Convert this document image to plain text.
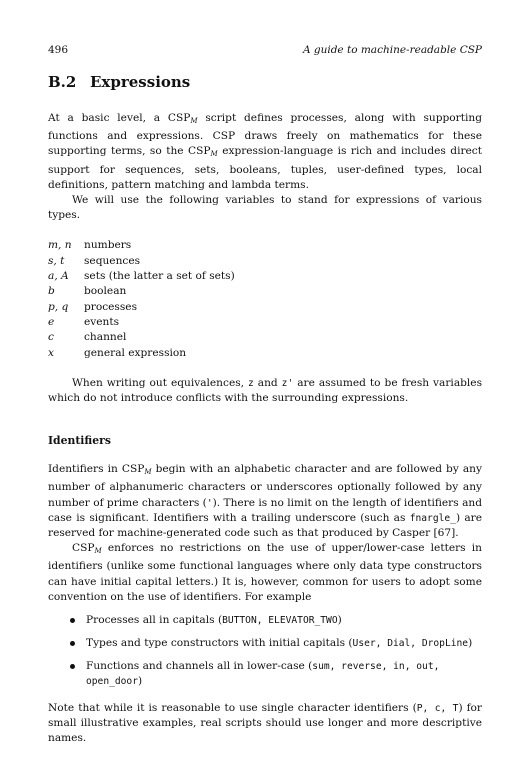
496	A guide to machine-readable CSP
B.2 Expressions

At a basic level, a $CSP_M$ script defines processes, along with supporting functions and expressions. CSP draws freely on mathematics for these supporting terms, so the $CSP_M$ expression-language is rich and includes direct support for sequences, sets, booleans, tuples, user-defined types, local definitions, pattern matching and lambda terms.

We will use the following variables to stand for expressions of various types.

m, n	numbers
s, t	sequences
a, A	sets (the latter a set of sets)
b	boolean
p, q	processes
e	events
c	channel
x	general expression

When writing out equivalences, z and z' are assumed to be fresh variables which do not introduce conflicts with the surrounding expressions.

Identifiers

Identifiers in $CSP_M$ begin with an alphabetic character and are followed by any number of alphanumeric characters or underscores optionally followed by any number of prime characters ('). There is no limit on the length of identifiers and case is significant. Identifiers with a trailing underscore (such as fnargle_) are reserved for machine-generated code such as that produced by Casper [67].

$CSP_M$ enforces no restrictions on the use of upper/lower-case letters in identifiers (unlike some functional languages where only data type constructors can have initial capital letters.) It is, however, common for users to adopt some convention on the use of identifiers. For example

Processes all in capitals (BUTTON, ELEVATOR_TWO)
Types and type constructors with initial capitals (User, Dial, DropLine)
Functions and channels all in lower-case (sum, reverse, in, out, open_door)

Note that while it is reasonable to use single character identifiers (P, c, T) for small illustrative examples, real scripts should use longer and more descriptive names.
